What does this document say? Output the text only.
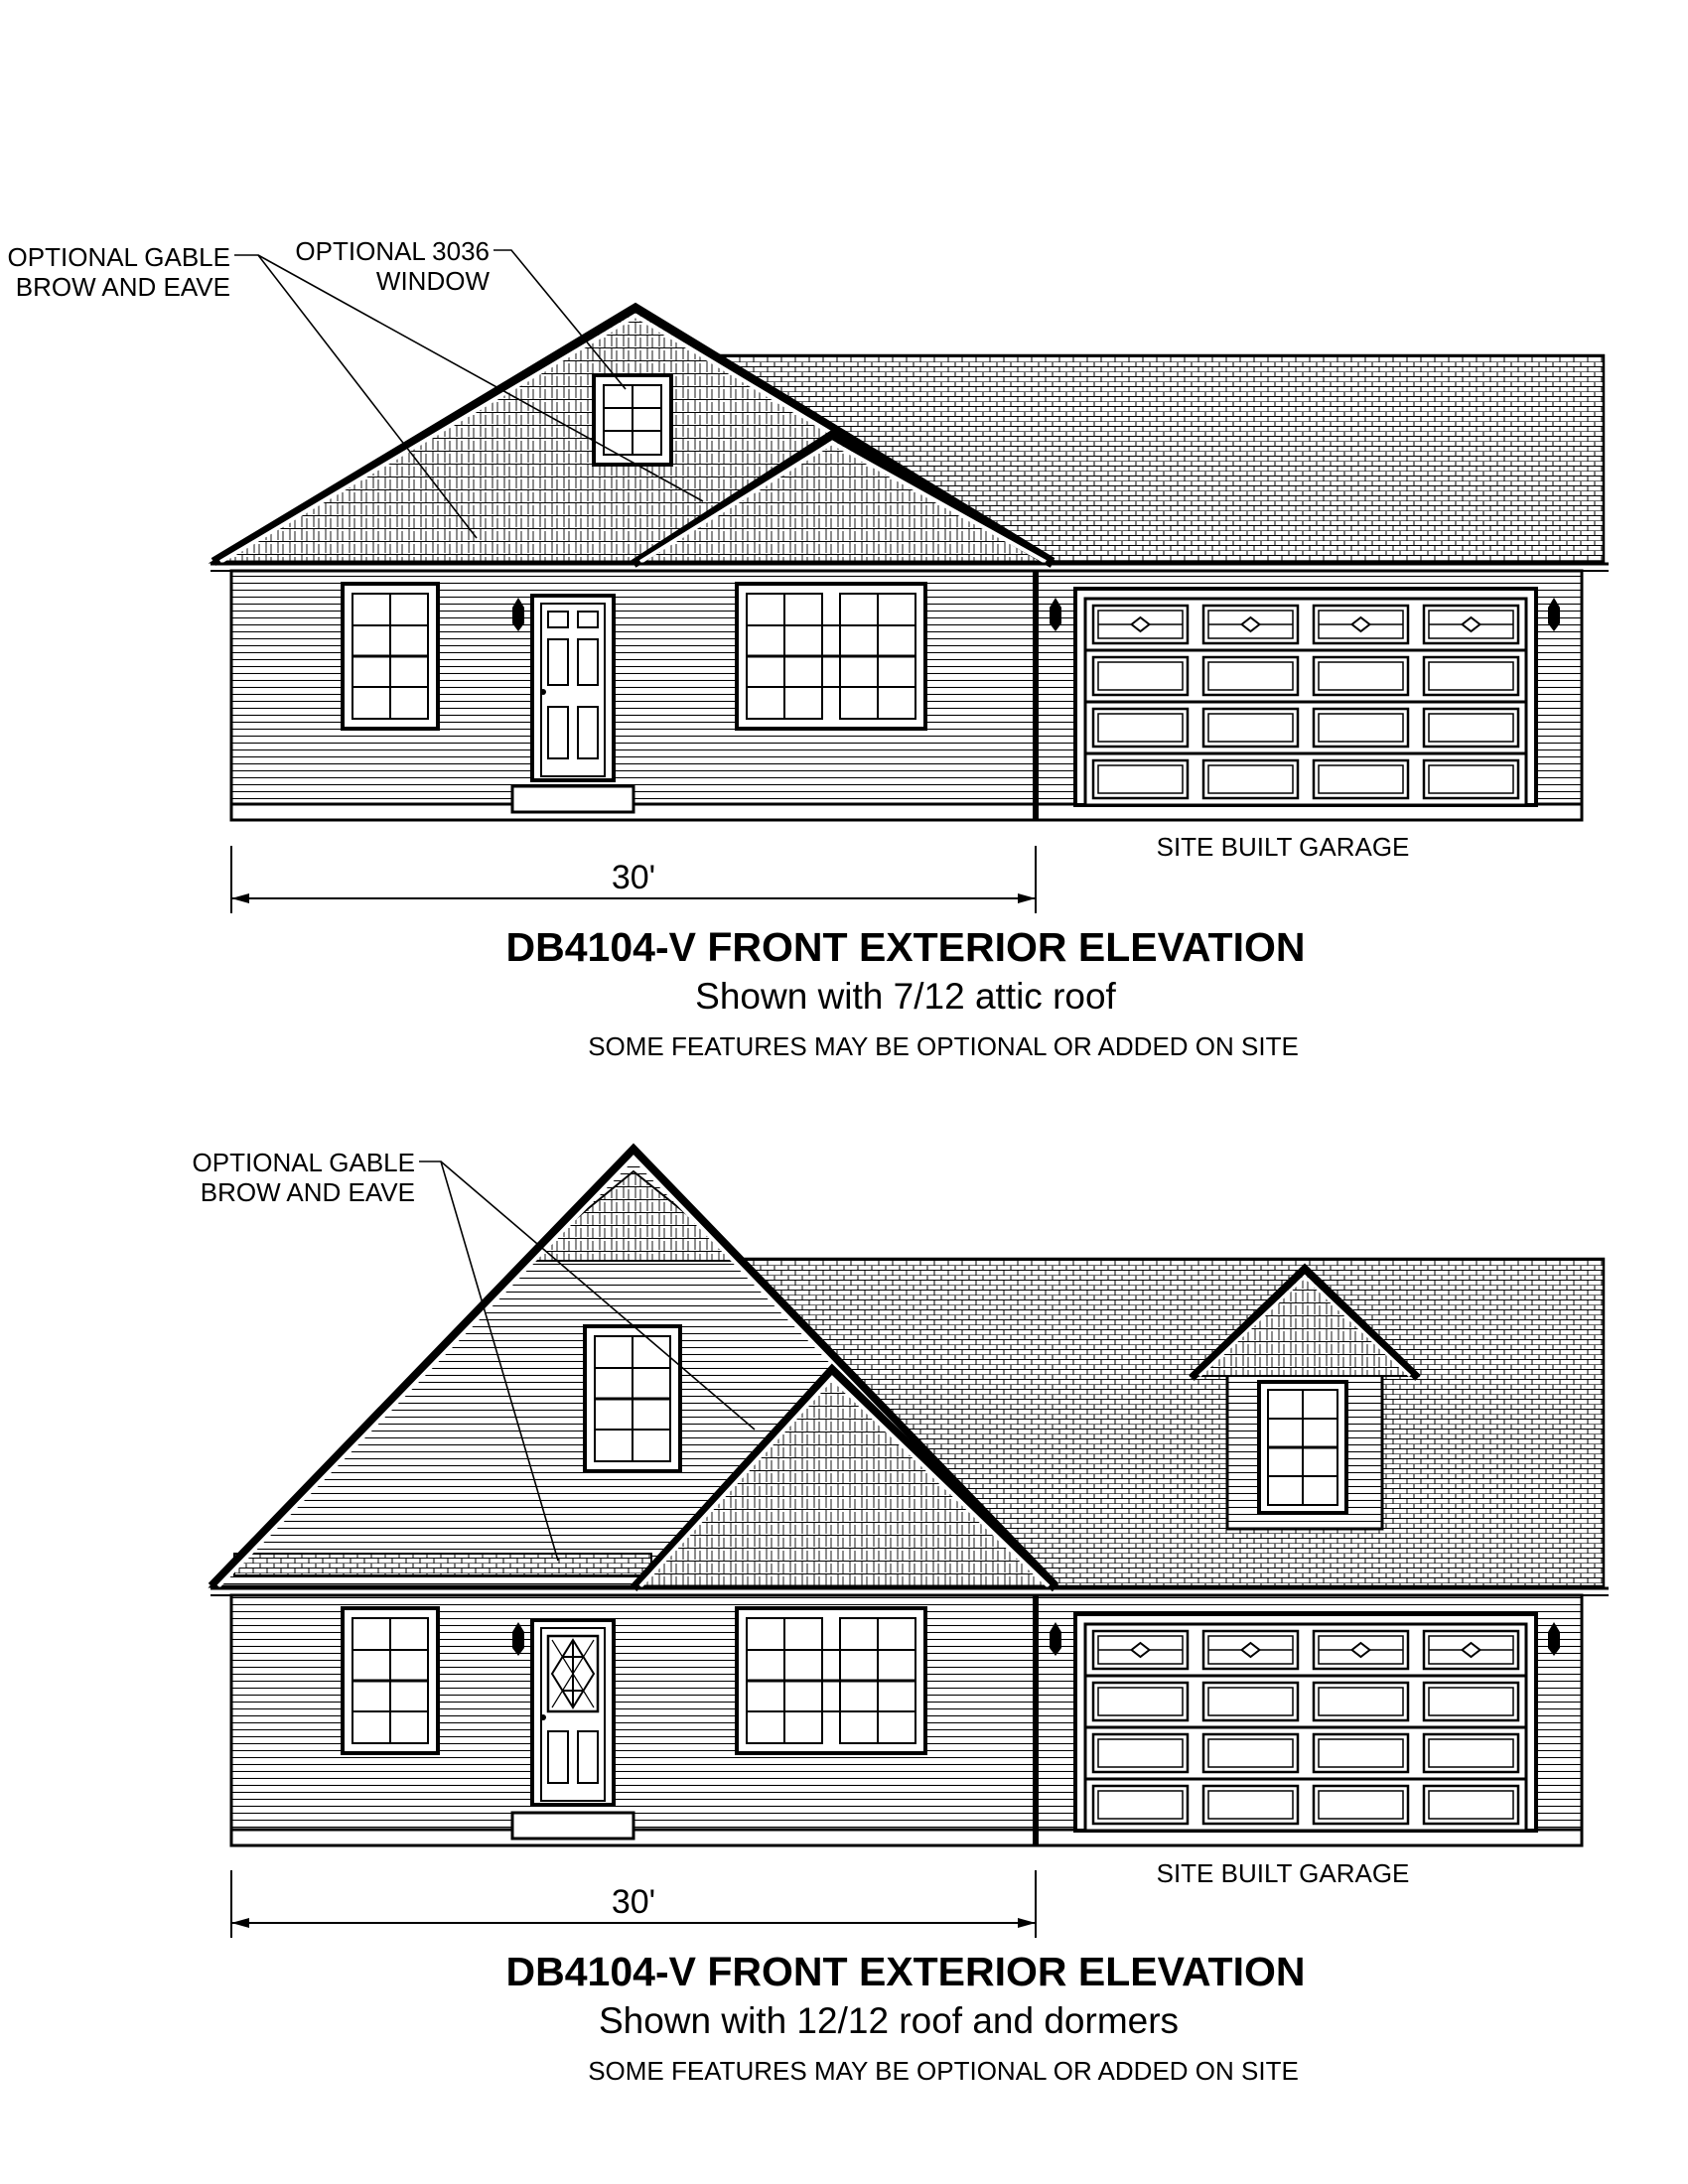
OPTIONAL GABLE
BROW AND EAVE
OPTIONAL 3036
WINDOW
SITE BUILT GARAGE
30'
DB4104-V FRONT EXTERIOR ELEVATION
Shown with 7/12 attic roof
SOME FEATURES MAY BE OPTIONAL OR ADDED ON SITE
OPTIONAL GABLE
BROW AND EAVE
SITE BUILT GARAGE
30'
DB4104-V FRONT EXTERIOR ELEVATION
Shown with 12/12 roof and dormers
SOME FEATURES MAY BE OPTIONAL OR ADDED ON SITE
